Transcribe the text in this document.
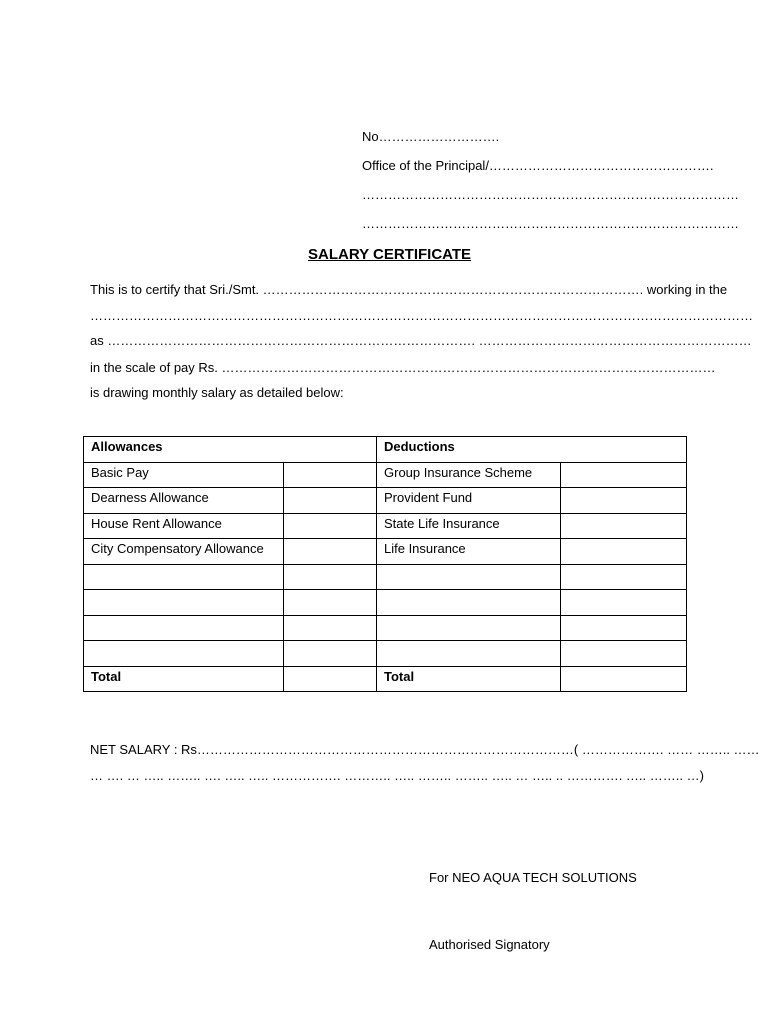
No……………………….
Office of the Principal/…………………………………………….
……………………………………………………………………………
……………………………………………………………………………
SALARY CERTIFICATE
This is to certify that Sri./Smt. ……………………………………………………………………………. working in the
………………………………………………………………………………………………………………………………………
as …………………………………………………………………………. ………………………………………………………
in the scale of pay Rs. ……………………………………………………………………………………………………
is drawing monthly salary as detailed below:
Allowances		Deductions	
Basic Pay		Group Insurance Scheme	
Dearness Allowance		Provident Fund	
House Rent Allowance		State Life Insurance	
City Compensatory Allowance		Life Insurance	

Total		Total	
NET SALARY : Rs……………………………………………………………………………( ………………. …… …….. ……
… …. … ….. …….. …. ….. ….. ……………. ……….. ….. …….. …….. ….. … ….. .. …………. ….. …….. …)
For NEO AQUA TECH SOLUTIONS
Authorised Signatory
